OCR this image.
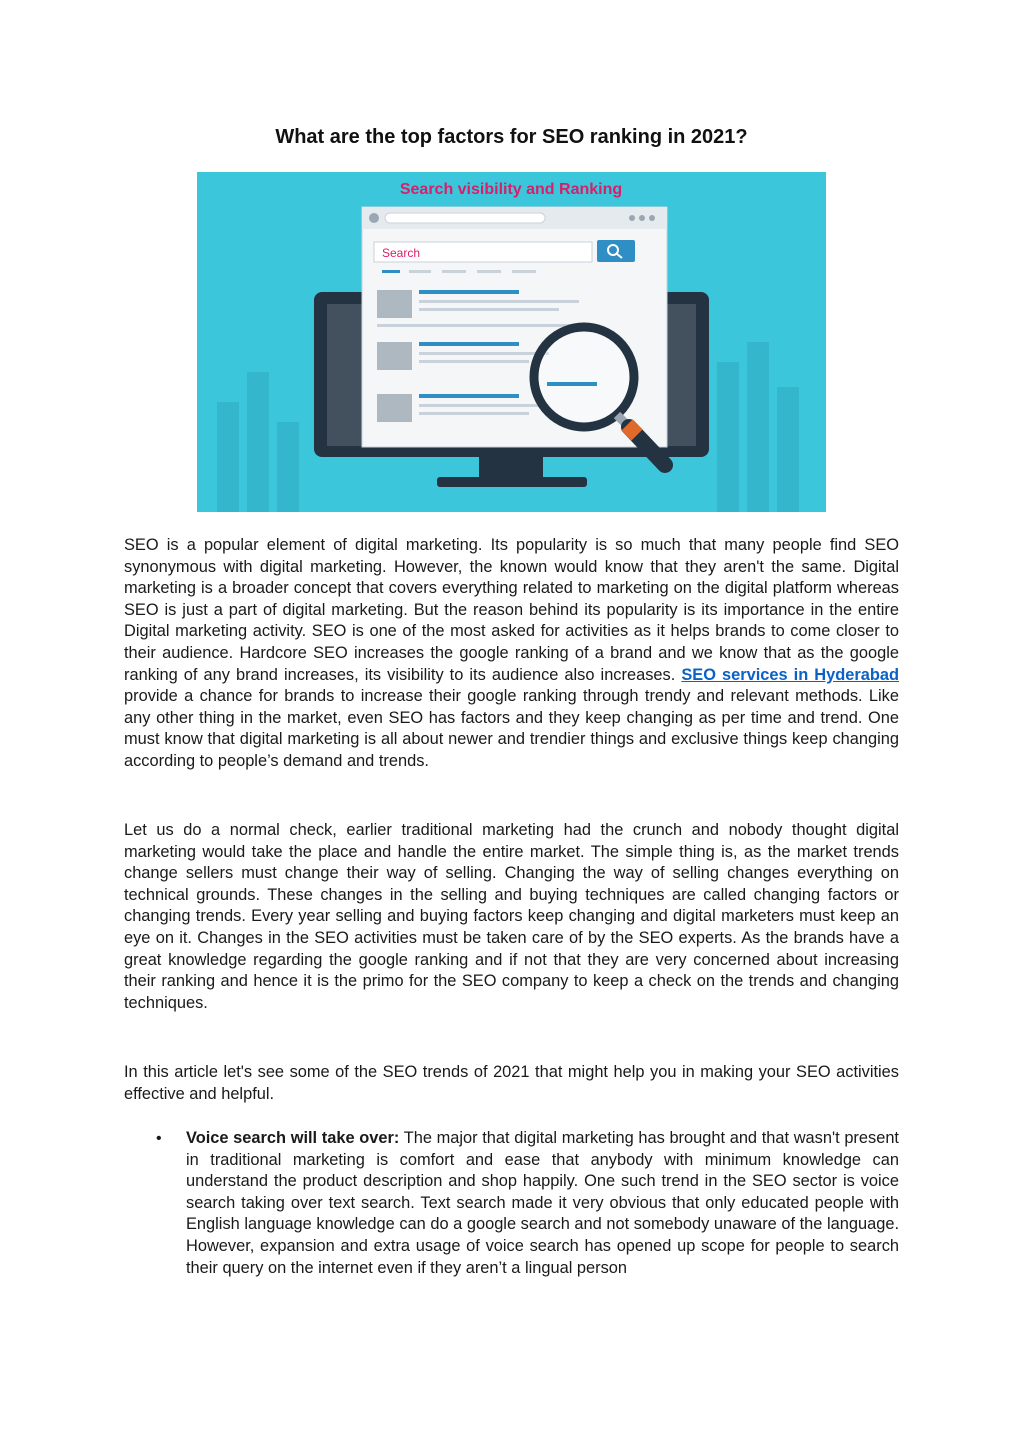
What are the top factors for SEO ranking in 2021?
Search visibility and Ranking
Search

SEO is a popular element of digital marketing. Its popularity is so much that many people find SEO synonymous with digital marketing. However, the known would know that they aren't the same. Digital marketing is a broader concept that covers everything related to marketing on the digital platform whereas SEO is just a part of digital marketing. But the reason behind its popularity is its importance in the entire Digital marketing activity. SEO is one of the most asked for activities as it helps brands to come closer to their audience. Hardcore SEO increases the google ranking of a brand and we know that as the google ranking of any brand increases, its visibility to its audience also increases. SEO services in Hyderabad provide a chance for brands to increase their google ranking through trendy and relevant methods. Like any other thing in the market, even SEO has factors and they keep changing as per time and trend. One must know that digital marketing is all about newer and trendier things and exclusive things keep changing according to people’s demand and trends.

Let us do a normal check, earlier traditional marketing had the crunch and nobody thought digital marketing would take the place and handle the entire market. The simple thing is, as the market trends change sellers must change their way of selling. Changing the way of selling changes everything on technical grounds. These changes in the selling and buying techniques are called changing factors or changing trends. Every year selling and buying factors keep changing and digital marketers must keep an eye on it. Changes in the SEO activities must be taken care of by the SEO experts. As the brands have a great knowledge regarding the google ranking and if not that they are very concerned about increasing their ranking and hence it is the primo for the SEO company to keep a check on the trends and changing techniques.

In this article let's see some of the SEO trends of 2021 that might help you in making your SEO activities effective and helpful.

• Voice search will take over: The major that digital marketing has brought and that wasn't present in traditional marketing is comfort and ease that anybody with minimum knowledge can understand the product description and shop happily. One such trend in the SEO sector is voice search taking over text search. Text search made it very obvious that only educated people with English language knowledge can do a google search and not somebody unaware of the language. However, expansion and extra usage of voice search has opened up scope for people to search their query on the internet even if they aren’t a lingual person
